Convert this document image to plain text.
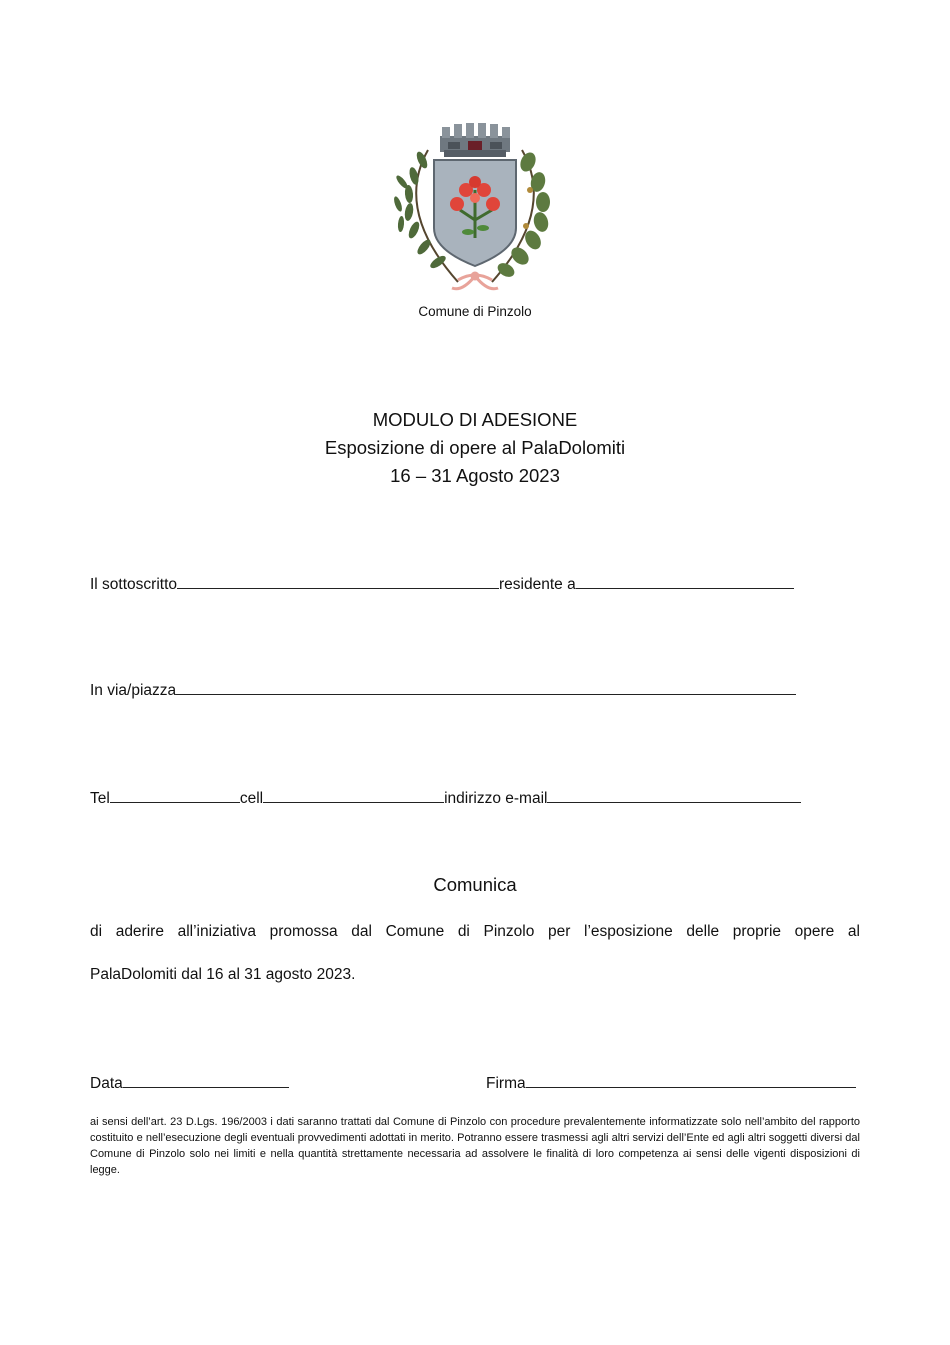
Comune di Pinzolo
MODULO DI ADESIONE
Esposizione di opere al PalaDolomiti
16 – 31 Agosto 2023
Il sottoscritto	residente a
In via/piazza
Tel	cell	indirizzo e-mail
Comunica
di aderire all’iniziativa promossa dal Comune di Pinzolo per l’esposizione delle proprie opere al
PalaDolomiti dal 16 al 31 agosto 2023.
Data	Firma
ai sensi dell’art. 23 D.Lgs. 196/2003 i dati saranno trattati dal Comune di Pinzolo con procedure prevalentemente informatizzate solo nell’ambito del rapporto costituito e nell’esecuzione degli eventuali provvedimenti adottati in merito. Potranno essere trasmessi agli altri servizi dell’Ente ed agli altri soggetti diversi dal Comune di Pinzolo solo nei limiti e nella quantità strettamente necessaria ad assolvere le finalità di loro competenza ai sensi delle vigenti disposizioni di legge.
